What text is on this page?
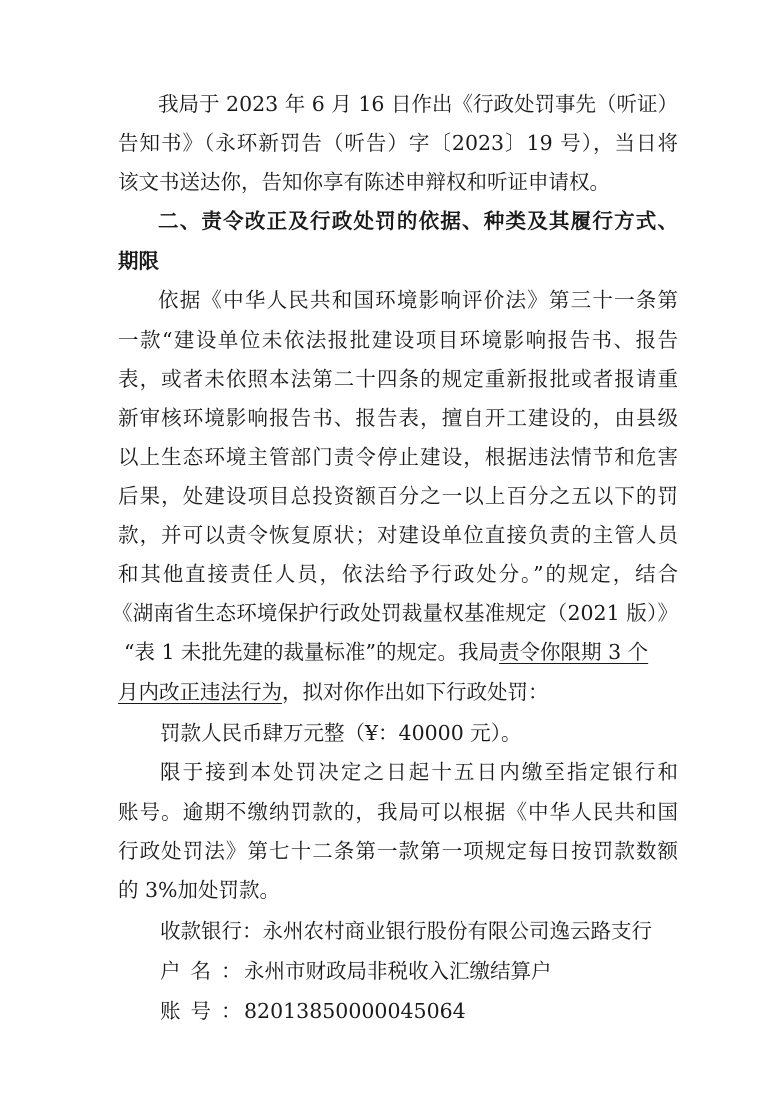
我局于 2023 年 6 月 16 日作出《行政处罚事先（听证）
告知书》（永环新罚告（听告）字〔2023〕19 号），当日将
该文书送达你，告知你享有陈述申辩权和听证申请权。
二、责令改正及行政处罚的依据、种类及其履行方式、
期限
依据《中华人民共和国环境影响评价法》第三十一条第
一款“建设单位未依法报批建设项目环境影响报告书、报告
表，或者未依照本法第二十四条的规定重新报批或者报请重
新审核环境影响报告书、报告表，擅自开工建设的，由县级
以上生态环境主管部门责令停止建设，根据违法情节和危害
后果，处建设项目总投资额百分之一以上百分之五以下的罚
款，并可以责令恢复原状；对建设单位直接负责的主管人员
和其他直接责任人员，依法给予行政处分。”的规定，结合
《湖南省生态环境保护行政处罚裁量权基准规定（2021 版）》
“表 1 未批先建的裁量标准”的规定。我局责令你限期 3 个
月内改正违法行为，拟对你作出如下行政处罚：
罚款人民币肆万元整（¥：40000 元）。
限于接到本处罚决定之日起十五日内缴至指定银行和
账号。逾期不缴纳罚款的，我局可以根据《中华人民共和国
行政处罚法》第七十二条第一款第一项规定每日按罚款数额
的 3%加处罚款。
收款银行：永州农村商业银行股份有限公司逸云路支行
户名：永州市财政局非税收入汇缴结算户
账号：82013850000045064
